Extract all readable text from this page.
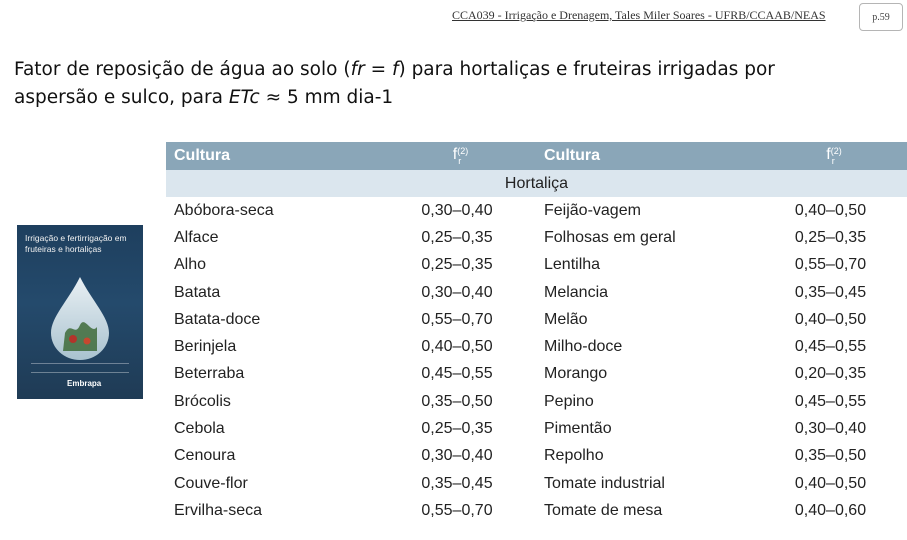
CCA039 - Irrigação e Drenagem, Tales Miler Soares - UFRB/CCAAB/NEAS	p.59
Fator de reposição de água ao solo (fr = f) para hortaliças e fruteiras irrigadas por aspersão e sulco, para ETc ≈ 5 mm dia-1
Irrigação e fertirrigação em fruteiras e hortaliças
Embrapa
Cultura	$f^{(2)}_r$	Cultura	$f^{(2)}_r$
Hortaliça			
Abóbora-seca	0,30–0,40	Feijão-vagem	0,40–0,50
Alface	0,25–0,35	Folhosas em geral	0,25–0,35
Alho	0,25–0,35	Lentilha	0,55–0,70
Batata	0,30–0,40	Melancia	0,35–0,45
Batata-doce	0,55–0,70	Melão	0,40–0,50
Berinjela	0,40–0,50	Milho-doce	0,45–0,55
Beterraba	0,45–0,55	Morango	0,20–0,35
Brócolis	0,35–0,50	Pepino	0,45–0,55
Cebola	0,25–0,35	Pimentão	0,30–0,40
Cenoura	0,30–0,40	Repolho	0,35–0,50
Couve-flor	0,35–0,45	Tomate industrial	0,40–0,50
Ervilha-seca	0,55–0,70	Tomate de mesa	0,40–0,60
